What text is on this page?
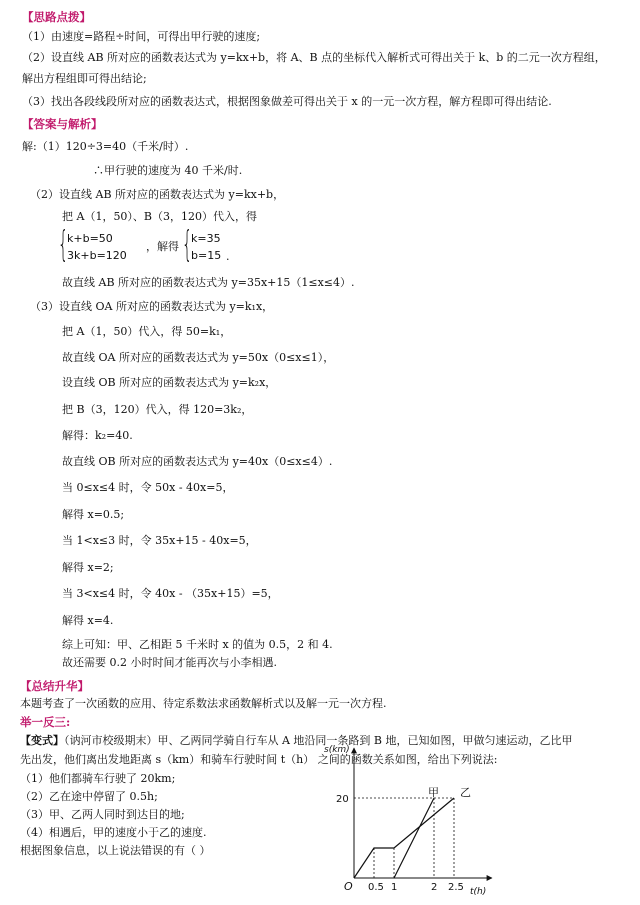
【思路点拨】
（1）由速度=路程÷时间，可得出甲行驶的速度;
（2）设直线 AB 所对应的函数表达式为 y=kx+b，将 A、B 点的坐标代入解析式可得出关于 k、b 的二元一次方程组，
解出方程组即可得出结论;
（3）找出各段线段所对应的函数表达式，根据图象做差可得出关于 x 的一元一次方程，解方程即可得出结论.
【答案与解析】
解:（1）120÷3=40（千米/时）.
∴甲行驶的速度为 40 千米/时.
（2）设直线 AB 所对应的函数表达式为 y=kx+b，
把 A（1，50）、B（3，120）代入，得
{
k+b=50
3k+b=120
，解得 {
k=35
b=15 .
故直线 AB 所对应的函数表达式为 y=35x+15（1≤x≤4）.
（3）设直线 OA 所对应的函数表达式为 y=k₁x，
把 A（1，50）代入，得 50=k₁，
故直线 OA 所对应的函数表达式为 y=50x（0≤x≤1），
设直线 OB 所对应的函数表达式为 y=k₂x，
把 B（3，120）代入，得 120=3k₂，
解得：k₂=40.
故直线 OB 所对应的函数表达式为 y=40x（0≤x≤4）.
当 0≤x≤4 时，令 50x - 40x=5，
解得 x=0.5;
当 1<x≤3 时，令 35x+15 - 40x=5，
解得 x=2;
当 3<x≤4 时，令 40x - （35x+15）=5，
解得 x=4.
综上可知：甲、乙相距 5 千米时 x 的值为 0.5，2 和 4.
故还需要 0.2 小时时间才能再次与小李相遇.
【总结升华】
本题考查了一次函数的应用、待定系数法求函数解析式以及解一元一次方程.
举一反三:
【变式】（讷河市校级期末）甲、乙两同学骑自行车从 A 地沿同一条路到 B 地，已知如图，甲做匀速运动，乙比甲
先出发，他们离出发地距离 s（km）和骑车行驶时间 t（h） 之间的函数关系如图，给出下列说法:
（1）他们都骑车行驶了 20km;
（2）乙在途中停留了 0.5h;
（3）甲、乙两人同时到达目的地;
（4）相遇后，甲的速度小于乙的速度.
根据图象信息，以上说法错误的有（ ）
s(km)
t(h)
O 0.5 1	2 2.5
20
甲 乙
